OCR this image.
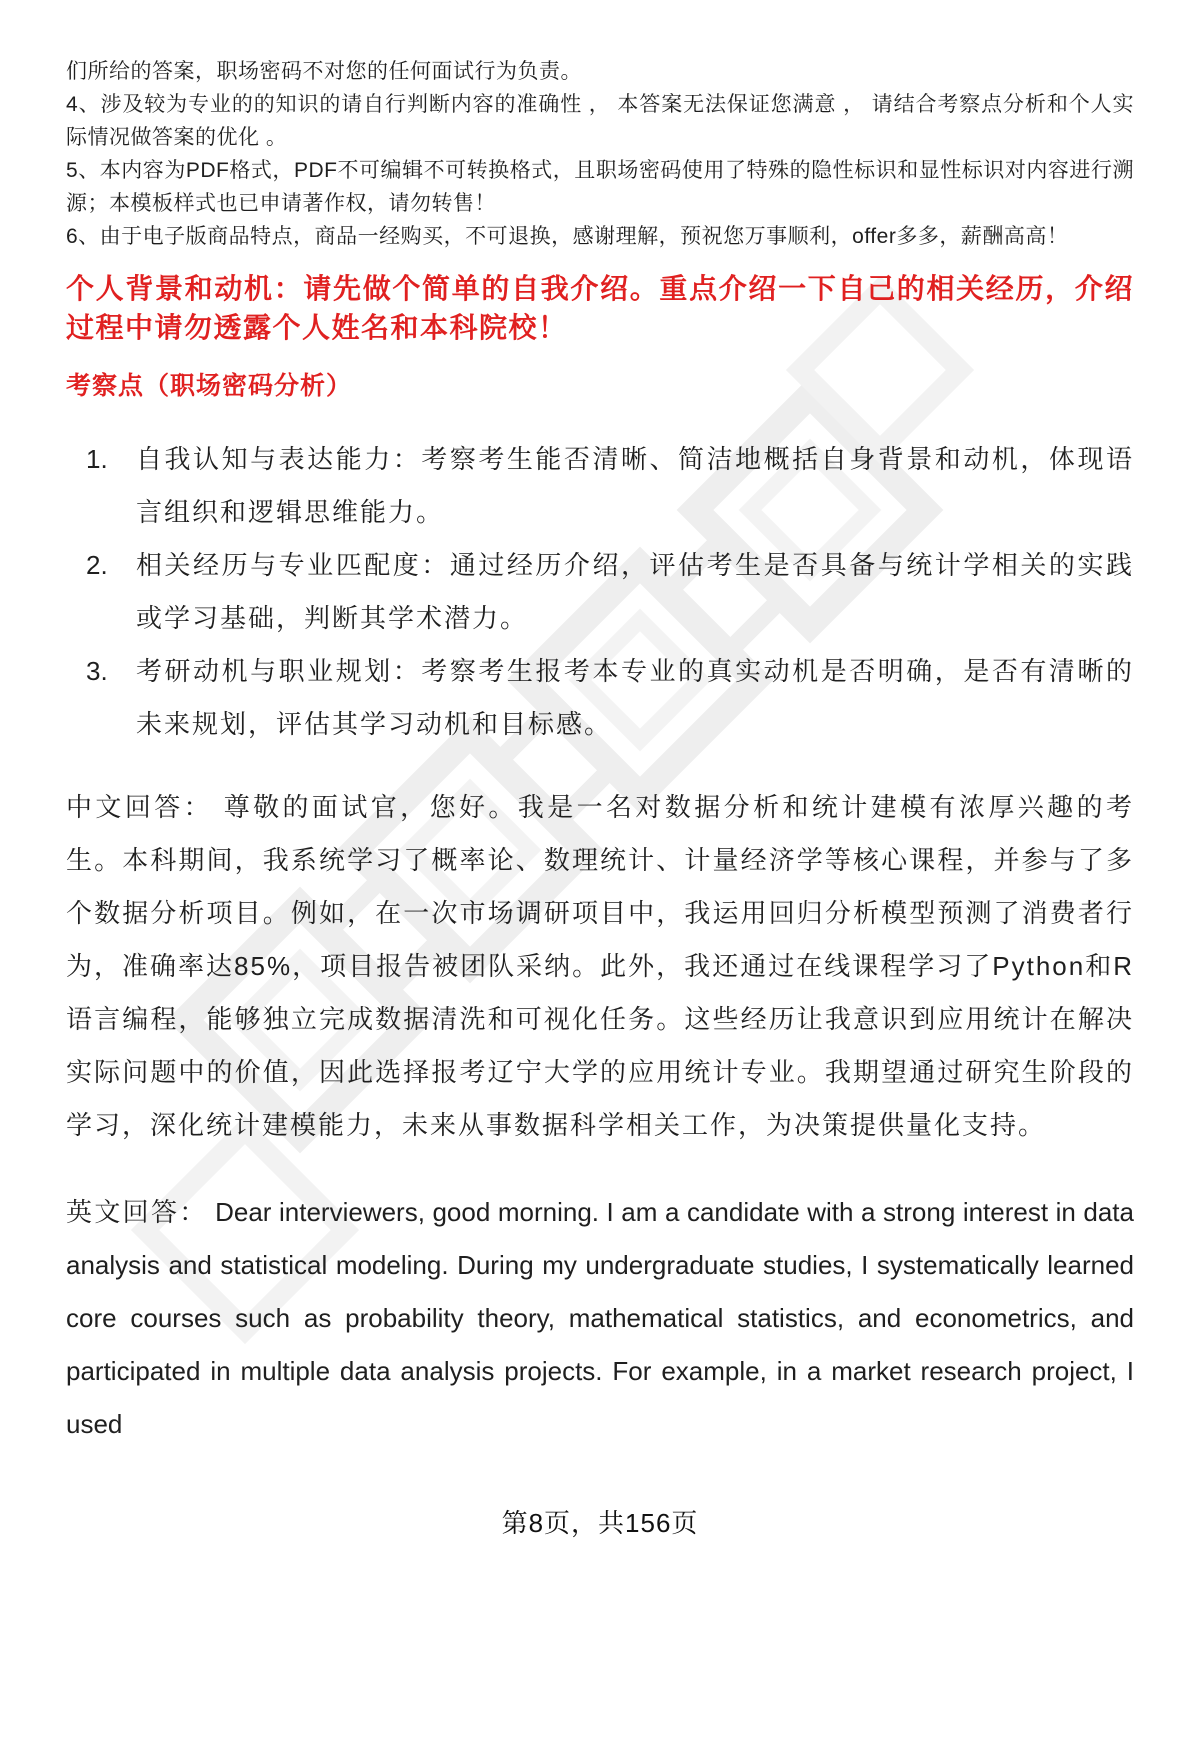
们所给的答案，职场密码不对您的任何面试行为负责。

4、涉及较为专业的的知识的请自行判断内容的准确性 ， 本答案无法保证您满意 ， 请结合考察点分析和个人实际情况做答案的优化 。

5、本内容为PDF格式，PDF不可编辑不可转换格式，且职场密码使用了特殊的隐性标识和显性标识对内容进行溯源；本模板样式也已申请著作权，请勿转售！

6、由于电子版商品特点，商品一经购买，不可退换，感谢理解，预祝您万事顺利，offer多多，薪酬高高！

个人背景和动机：请先做个简单的自我介绍。重点介绍一下自己的相关经历，介绍过程中请勿透露个人姓名和本科院校！

考察点（职场密码分析）

1.	自我认知与表达能力：考察考生能否清晰、简洁地概括自身背景和动机，体现语言组织和逻辑思维能力。
2.	相关经历与专业匹配度：通过经历介绍，评估考生是否具备与统计学相关的实践或学习基础，判断其学术潜力。
3.	考研动机与职业规划：考察考生报考本专业的真实动机是否明确，是否有清晰的未来规划，评估其学习动机和目标感。

中文回答： 尊敬的面试官，您好。我是一名对数据分析和统计建模有浓厚兴趣的考生。本科期间，我系统学习了概率论、数理统计、计量经济学等核心课程，并参与了多个数据分析项目。例如，在一次市场调研项目中，我运用回归分析模型预测了消费者行为，准确率达85%，项目报告被团队采纳。此外，我还通过在线课程学习了Python和R语言编程，能够独立完成数据清洗和可视化任务。这些经历让我意识到应用统计在解决实际问题中的价值，因此选择报考辽宁大学的应用统计专业。我期望通过研究生阶段的学习，深化统计建模能力，未来从事数据科学相关工作，为决策提供量化支持。

英文回答： Dear interviewers, good morning. I am a candidate with a strong interest in data analysis and statistical modeling. During my undergraduate studies, I systematically learned core courses such as probability theory, mathematical statistics, and econometrics, and participated in multiple data analysis projects. For example, in a market research project, I used

第8页，共156页
